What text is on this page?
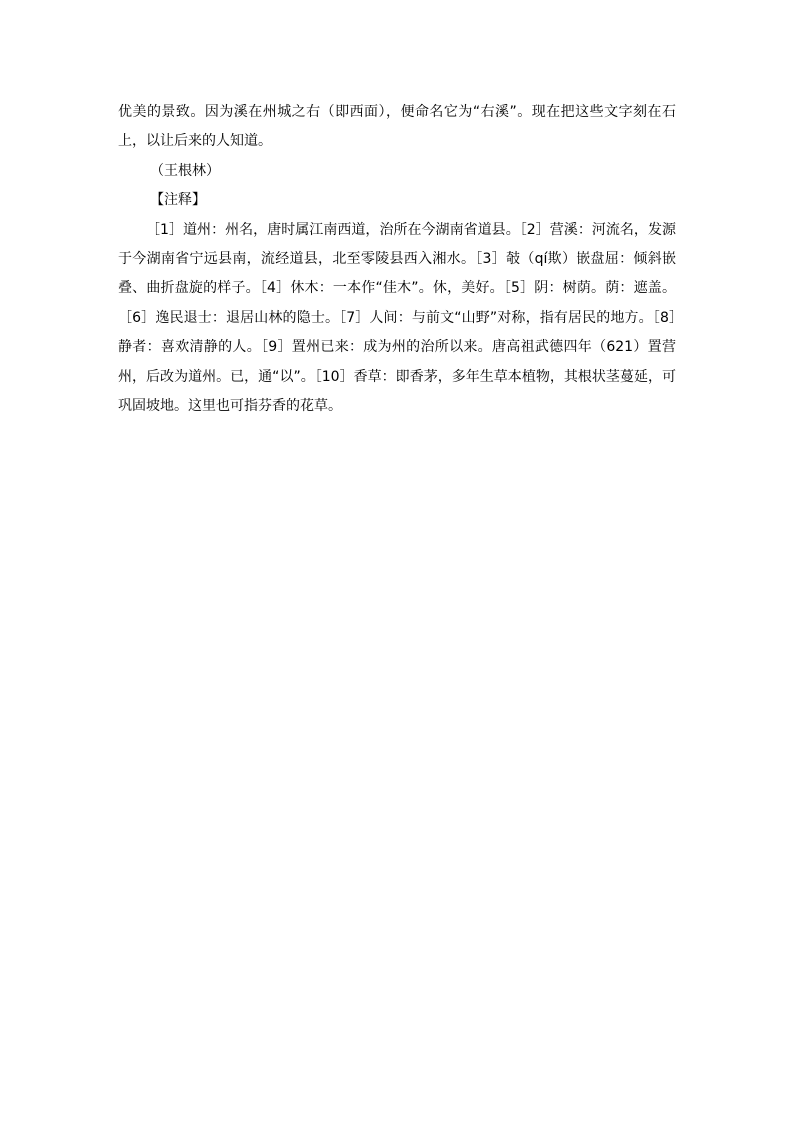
优美的景致。因为溪在州城之右（即西面），便命名它为“右溪”。现在把这些文字刻在石上，以让后来的人知道。

（王根林）

【注释】

［1］道州：州名，唐时属江南西道，治所在今湖南省道县。［2］营溪：河流名，发源于今湖南省宁远县南，流经道县，北至零陵县西入湘水。［3］攲（qí欺）嵌盘屈：倾斜嵌叠、曲折盘旋的样子。［4］休木：一本作“佳木”。休，美好。［5］阴：树荫。荫：遮盖。［6］逸民退士：退居山林的隐士。［7］人间：与前文“山野”对称，指有居民的地方。［8］静者：喜欢清静的人。［9］置州已来：成为州的治所以来。唐高祖武德四年（621）置营州，后改为道州。已，通“以”。［10］香草：即香茅，多年生草本植物，其根状茎蔓延，可巩固坡地。这里也可指芬香的花草。
